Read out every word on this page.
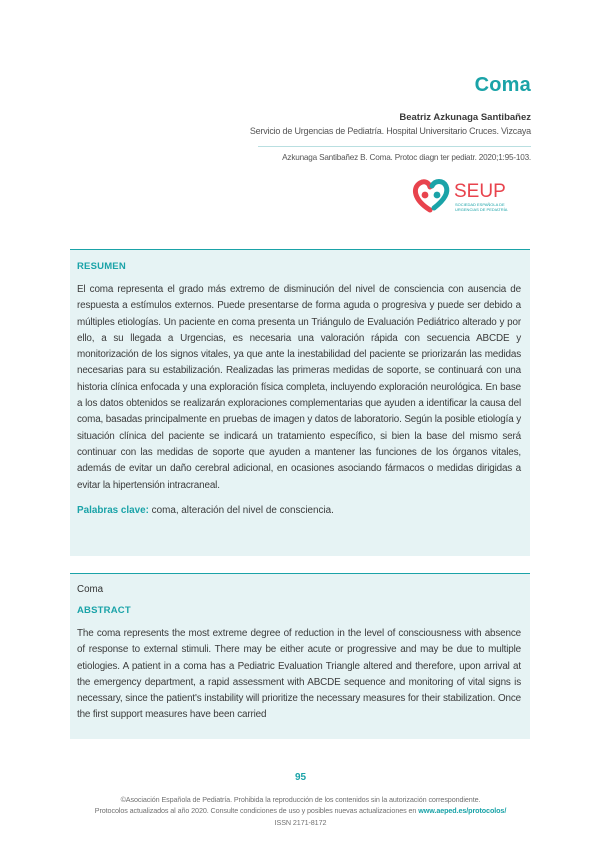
Coma
Beatriz Azkunaga Santibañez
Servicio de Urgencias de Pediatría. Hospital Universitario Cruces. Vizcaya
Azkunaga Santibañez B. Coma. Protoc diagn ter pediatr. 2020;1:95-103.
SEUP
SOCIEDAD ESPAÑOLA DE
URGENCIAS DE PEDIATRÍA
RESUMEN

El coma representa el grado más extremo de disminución del nivel de consciencia con ausencia de respuesta a estímulos externos. Puede presentarse de forma aguda o progresiva y puede ser debido a múltiples etiologías. Un paciente en coma presenta un Triángulo de Evaluación Pediátrico alterado y por ello, a su llegada a Urgencias, es necesaria una valoración rápida con secuencia ABCDE y monitorización de los signos vitales, ya que ante la inestabilidad del paciente se priorizarán las medidas necesarias para su estabilización. Realizadas las primeras medidas de soporte, se continuará con una historia clínica enfocada y una exploración física completa, incluyendo exploración neurológica. En base a los datos obtenidos se realizarán exploraciones complementarias que ayuden a identificar la causa del coma, basadas principalmente en pruebas de imagen y datos de laboratorio. Según la posible etiología y situación clínica del paciente se indicará un tratamiento específico, si bien la base del mismo será continuar con las medidas de soporte que ayuden a mantener las funciones de los órganos vitales, además de evitar un daño cerebral adicional, en ocasiones asociando fármacos o medidas dirigidas a evitar la hipertensión intracraneal.

Palabras clave: coma, alteración del nivel de consciencia.
Coma
ABSTRACT

The coma represents the most extreme degree of reduction in the level of consciousness with absence of response to external stimuli. There may be either acute or progressive and may be due to multiple etiologies. A patient in a coma has a Pediatric Evaluation Triangle altered and therefore, upon arrival at the emergency department, a rapid assessment with ABCDE sequence and monitoring of vital signs is necessary, since the patient's instability will prioritize the necessary measures for their stabilization. Once the first support measures have been carried

95
©Asociación Española de Pediatría. Prohibida la reproducción de los contenidos sin la autorización correspondiente.
Protocolos actualizados al año 2020. Consulte condiciones de uso y posibles nuevas actualizaciones en www.aeped.es/protocolos/
ISSN 2171-8172
